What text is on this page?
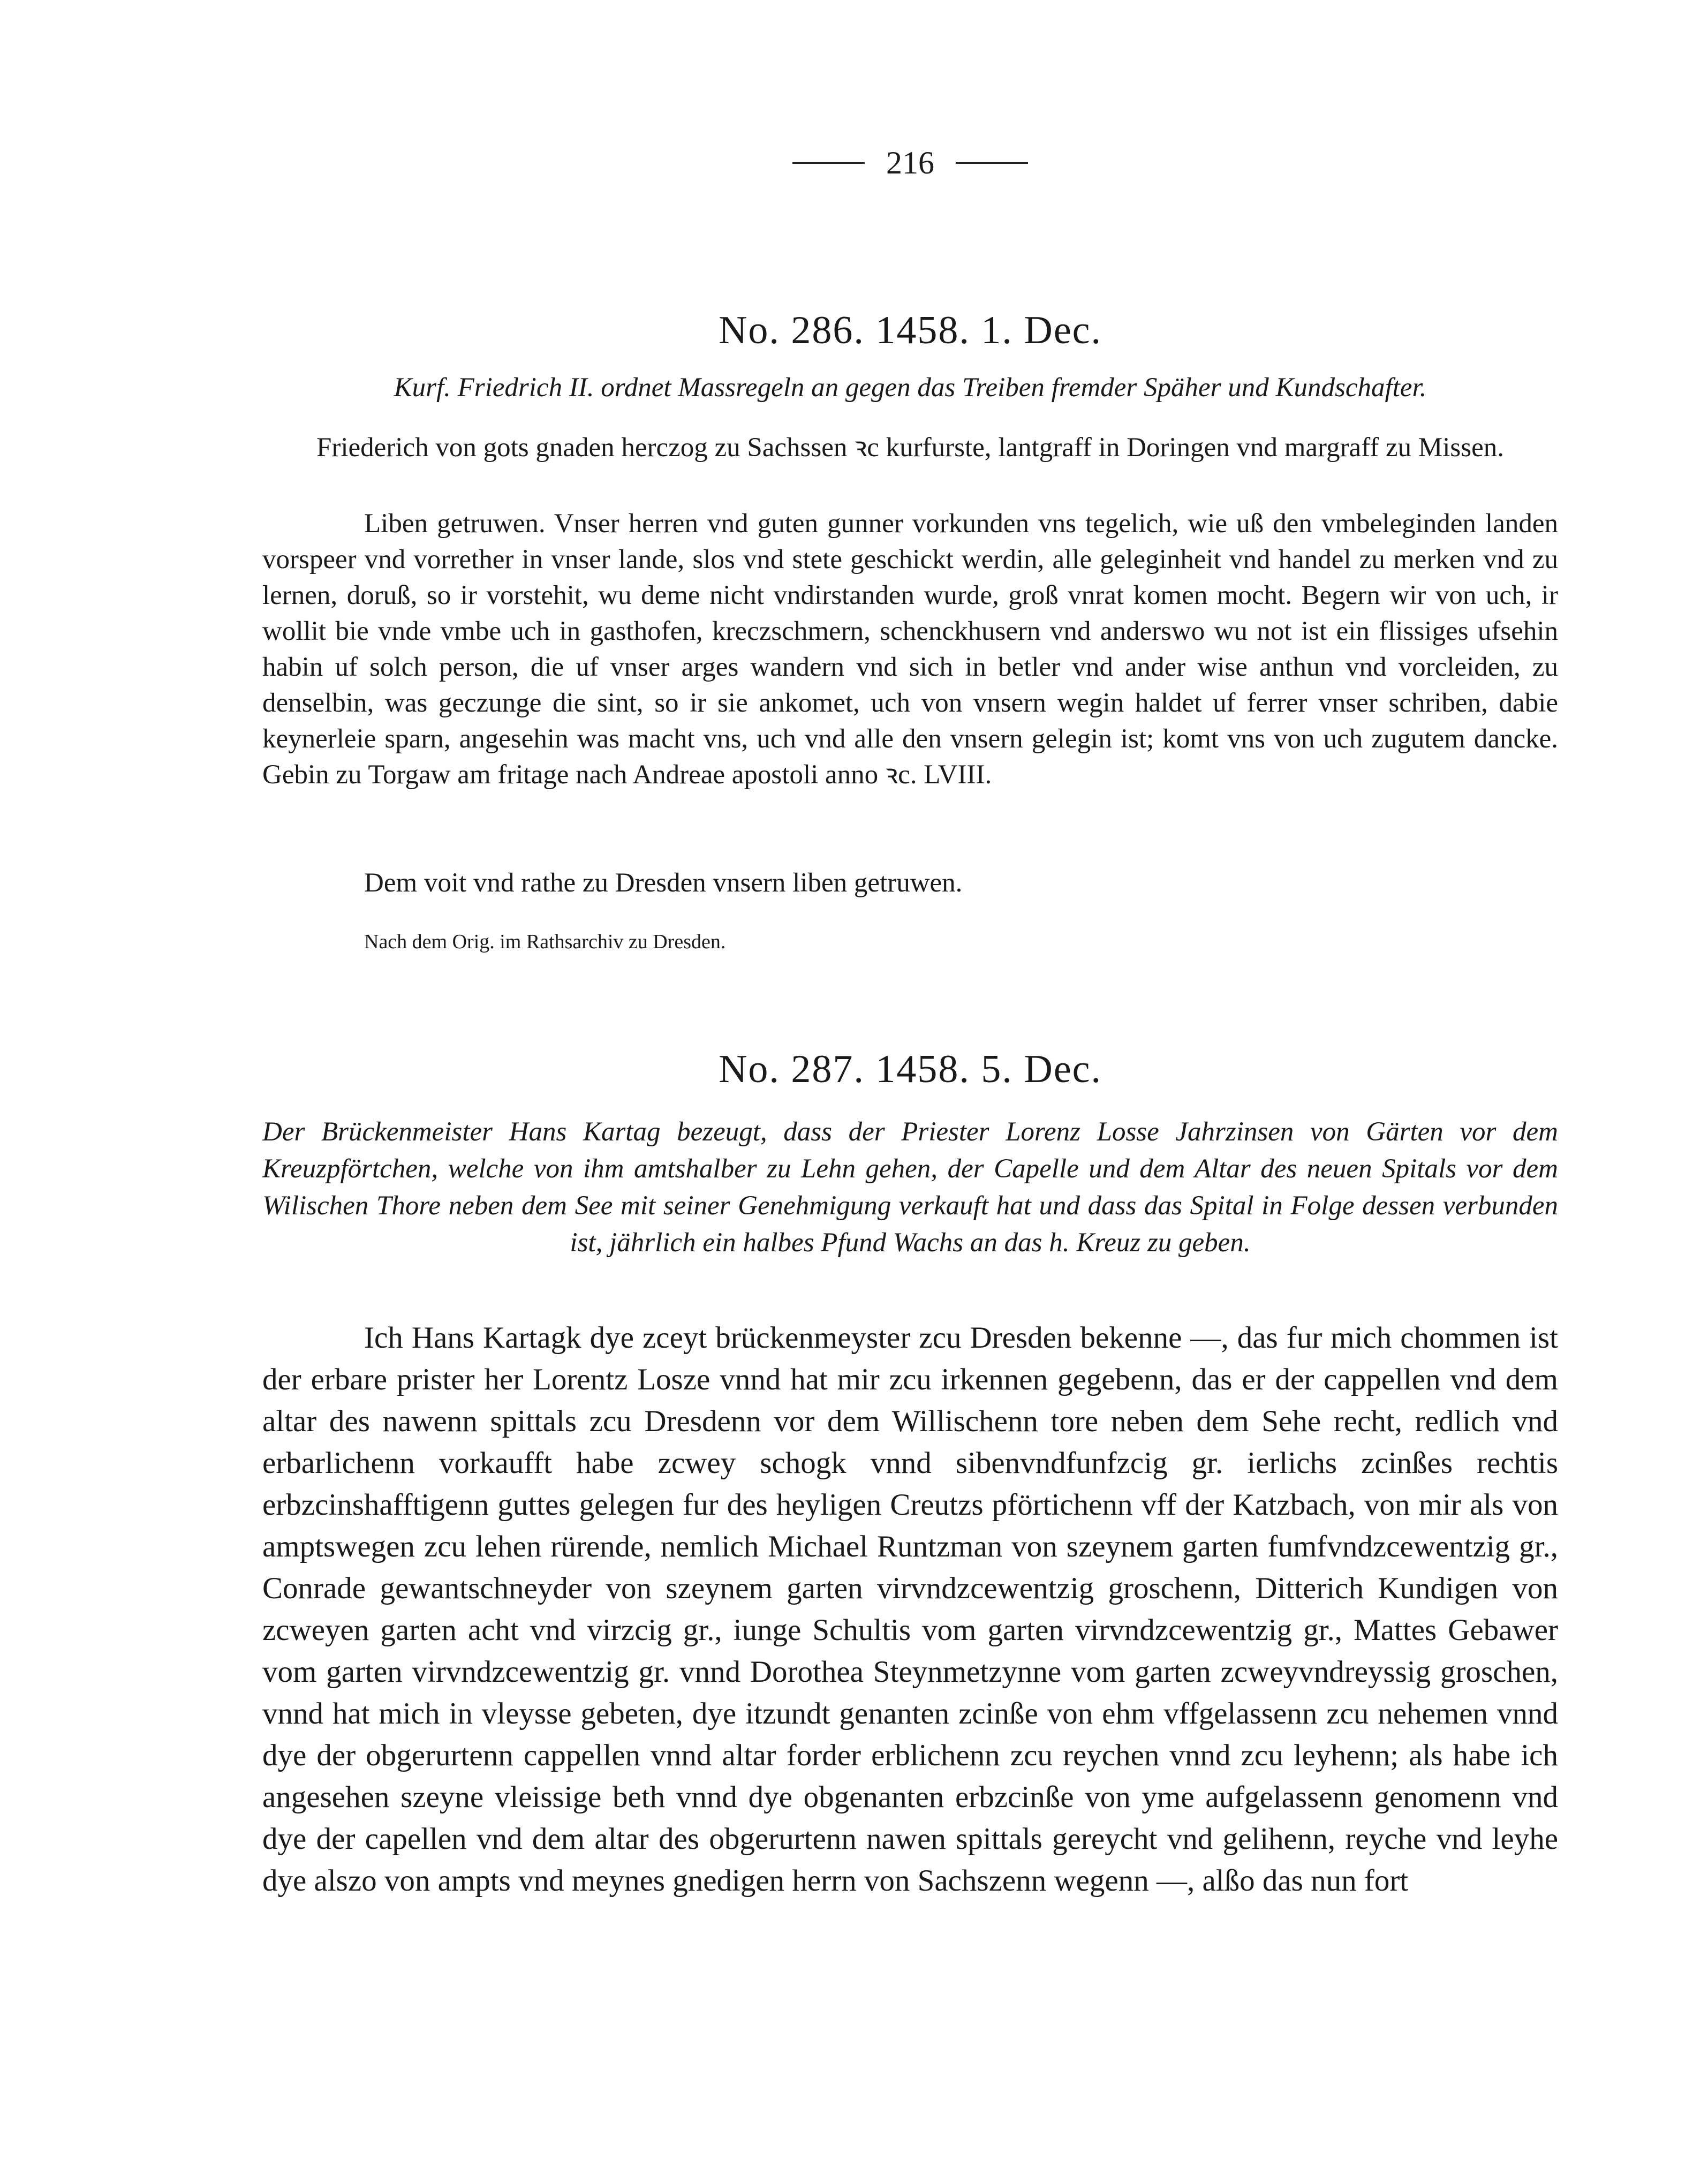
216
No. 286. 1458. 1. Dec.
Kurf. Friedrich II. ordnet Massregeln an gegen das Treiben fremder Späher und Kundschafter.
Friederich von gots gnaden herczog zu Sachssen ꝛc kurfurste, lantgraff in Doringen vnd margraff zu Missen.

Liben getruwen. Vnser herren vnd guten gunner vorkunden vns tegelich, wie uß den vmbeleginden landen vorspeer vnd vorrether in vnser lande, slos vnd stete geschickt werdin, alle geleginheit vnd handel zu merken vnd zu lernen, doruß, so ir vorstehit, wu deme nicht vndirstanden wurde, groß vnrat komen mocht. Begern wir von uch, ir wollit bie vnde vmbe uch in gasthofen, kreczschmern, schenckhusern vnd anderswo wu not ist ein flissiges ufsehin habin uf solch person, die uf vnser arges wandern vnd sich in betler vnd ander wise anthun vnd vorcleiden, zu denselbin, was geczunge die sint, so ir sie ankomet, uch von vnsern wegin haldet uf ferrer vnser schriben, dabie keynerleie sparn, angesehin was macht vns, uch vnd alle den vnsern gelegin ist; komt vns von uch zugutem dancke. Gebin zu Torgaw am fritage nach Andreae apostoli anno ꝛc. LVIII.

Dem voit vnd rathe zu Dresden vnsern liben getruwen.
Nach dem Orig. im Rathsarchiv zu Dresden.
No. 287. 1458. 5. Dec.
Der Brückenmeister Hans Kartag bezeugt, dass der Priester Lorenz Losse Jahrzinsen von Gärten vor dem Kreuzpförtchen, welche von ihm amtshalber zu Lehn gehen, der Capelle und dem Altar des neuen Spitals vor dem Wilischen Thore neben dem See mit seiner Genehmigung verkauft hat und dass das Spital in Folge dessen verbunden ist, jährlich ein halbes Pfund Wachs an das h. Kreuz zu geben.

Ich Hans Kartagk dye zceyt brückenmeyster zcu Dresden bekenne —, das fur mich chommen ist der erbare prister her Lorentz Losze vnnd hat mir zcu irkennen gegebenn, das er der cappellen vnd dem altar des nawenn spittals zcu Dresdenn vor dem Willischenn tore neben dem Sehe recht, redlich vnd erbarlichenn vorkaufft habe zcwey schogk vnnd sibenvndfunfzcig gr. ierlichs zcinßes rechtis erbzcinshafftigenn guttes gelegen fur des heyligen Creutzs pförtichenn vff der Katzbach, von mir als von amptswegen zcu lehen rürende, nemlich Michael Runtzman von szeynem garten fumfvndzcewentzig gr., Conrade gewantschneyder von szeynem garten virvndzcewentzig groschenn, Ditterich Kundigen von zcweyen garten acht vnd virzcig gr., iunge Schultis vom garten virvndzcewentzig gr., Mattes Gebawer vom garten virvndzcewentzig gr. vnnd Dorothea Steynmetzynne vom garten zcweyvndreyssig groschen, vnnd hat mich in vleysse gebeten, dye itzundt genanten zcinße von ehm vffgelassenn zcu nehemen vnnd dye der obgerurtenn cappellen vnnd altar forder erblichenn zcu reychen vnnd zcu leyhenn; als habe ich angesehen szeyne vleissige beth vnnd dye obgenanten erbzcinße von yme aufgelassenn genomenn vnd dye der capellen vnd dem altar des obgerurtenn nawen spittals gereycht vnd gelihenn, reyche vnd leyhe dye alszo von ampts vnd meynes gnedigen herrn von Sachszenn wegenn —, alßo das nun fort
